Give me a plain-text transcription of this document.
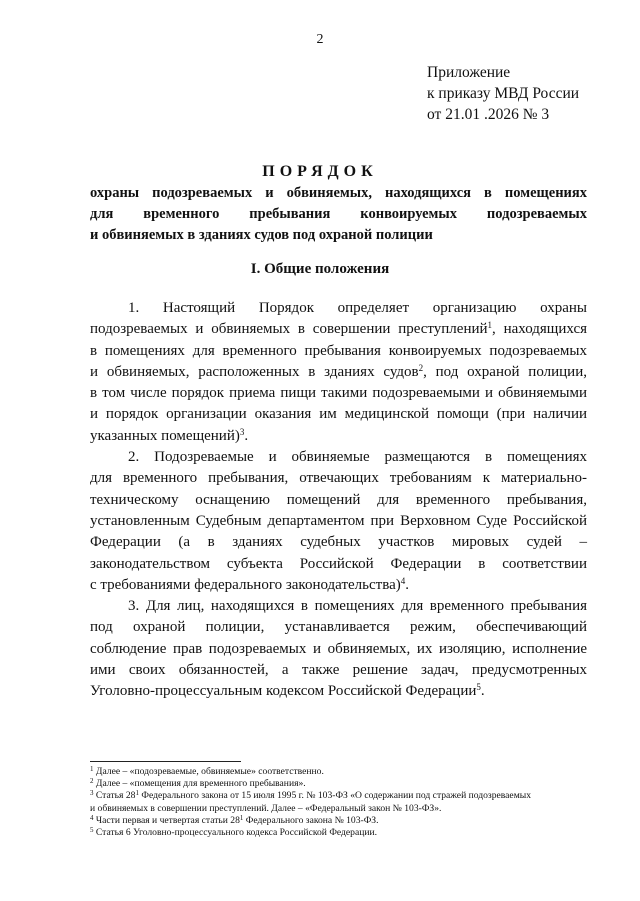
2
Приложение
к приказу МВД России
от 21.01 .2026 № 3
ПОРЯДОК
охраны подозреваемых и обвиняемых, находящихся в помещениях
для временного пребывания конвоируемых подозреваемых
и обвиняемых в зданиях судов под охраной полиции
I. Общие положения
1. Настоящий Порядок определяет организацию охраны
подозреваемых и обвиняемых в совершении преступлений$^1$, находящихся
в помещениях для временного пребывания конвоируемых подозреваемых
и обвиняемых, расположенных в зданиях судов$^2$, под охраной полиции,
в том числе порядок приема пищи такими подозреваемыми и обвиняемыми
и порядок организации оказания им медицинской помощи (при наличии
указанных помещений)$^3$.
2. Подозреваемые и обвиняемые размещаются в помещениях
для временного пребывания, отвечающих требованиям к материально-
техническому оснащению помещений для временного пребывания,
установленным Судебным департаментом при Верховном Суде Российской
Федерации (а в зданиях судебных участков мировых судей –
законодательством субъекта Российской Федерации в соответствии
с требованиями федерального законодательства)$^4$.
3. Для лиц, находящихся в помещениях для временного пребывания
под охраной полиции, устанавливается режим, обеспечивающий
соблюдение прав подозреваемых и обвиняемых, их изоляцию, исполнение
ими своих обязанностей, а также решение задач, предусмотренных
Уголовно-процессуальным кодексом Российской Федерации$^5$.
$^1$ Далее – «подозреваемые, обвиняемые» соответственно.
$^2$ Далее – «помещения для временного пребывания».
$^3$ Статья $28^1$ Федерального закона от 15 июля 1995 г. № 103-ФЗ «О содержании под стражей подозреваемых
и обвиняемых в совершении преступлений. Далее – «Федеральный закон № 103-ФЗ».
$^4$ Части первая и четвертая статьи $28^1$ Федерального закона № 103-ФЗ.
$^5$ Статья 6 Уголовно-процессуального кодекса Российской Федерации.
